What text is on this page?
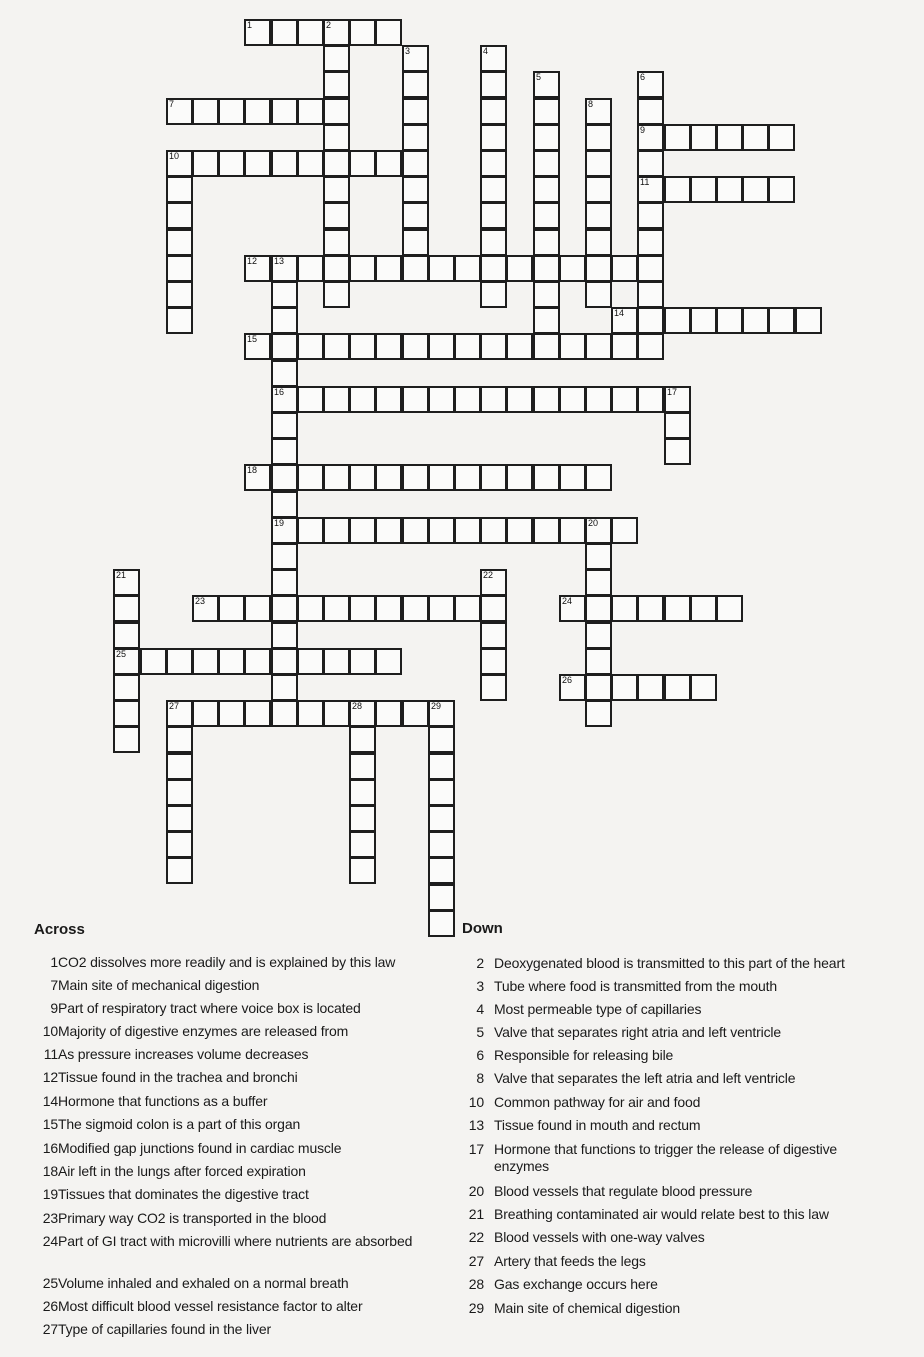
1	2
3	4
5	6
9
11
7	8
10
12 13
16
19
14
15
17
18
20
21
25
22
23	24
26
27	28	29
Across	Down
1 CO2 dissolves more readily and is explained by this law
7 Main site of mechanical digestion
9 Part of respiratory tract where voice box is located
10 Majority of digestive enzymes are released from
11 As pressure increases volume decreases
12 Tissue found in the trachea and bronchi
14 Hormone that functions as a buffer
15 The sigmoid colon is a part of this organ
16 Modified gap junctions found in cardiac muscle
18 Air left in the lungs after forced expiration
19 Tissues that dominates the digestive tract
23 Primary way CO2 is transported in the blood
24 Part of GI tract with microvilli where nutrients are absorbed
25 Volume inhaled and exhaled on a normal breath
26 Most difficult blood vessel resistance factor to alter
27 Type of capillaries found in the liver
2 Deoxygenated blood is transmitted to this part of the heart
3 Tube where food is transmitted from the mouth
4 Most permeable type of capillaries
5 Valve that separates right atria and left ventricle
6 Responsible for releasing bile
8 Valve that separates the left atria and left ventricle
10 Common pathway for air and food
13 Tissue found in mouth and rectum
17 Hormone that functions to trigger the release of digestive enzymes
20 Blood vessels that regulate blood pressure
21 Breathing contaminated air would relate best to this law
22 Blood vessels with one-way valves
27 Artery that feeds the legs
28 Gas exchange occurs here
29 Main site of chemical digestion
